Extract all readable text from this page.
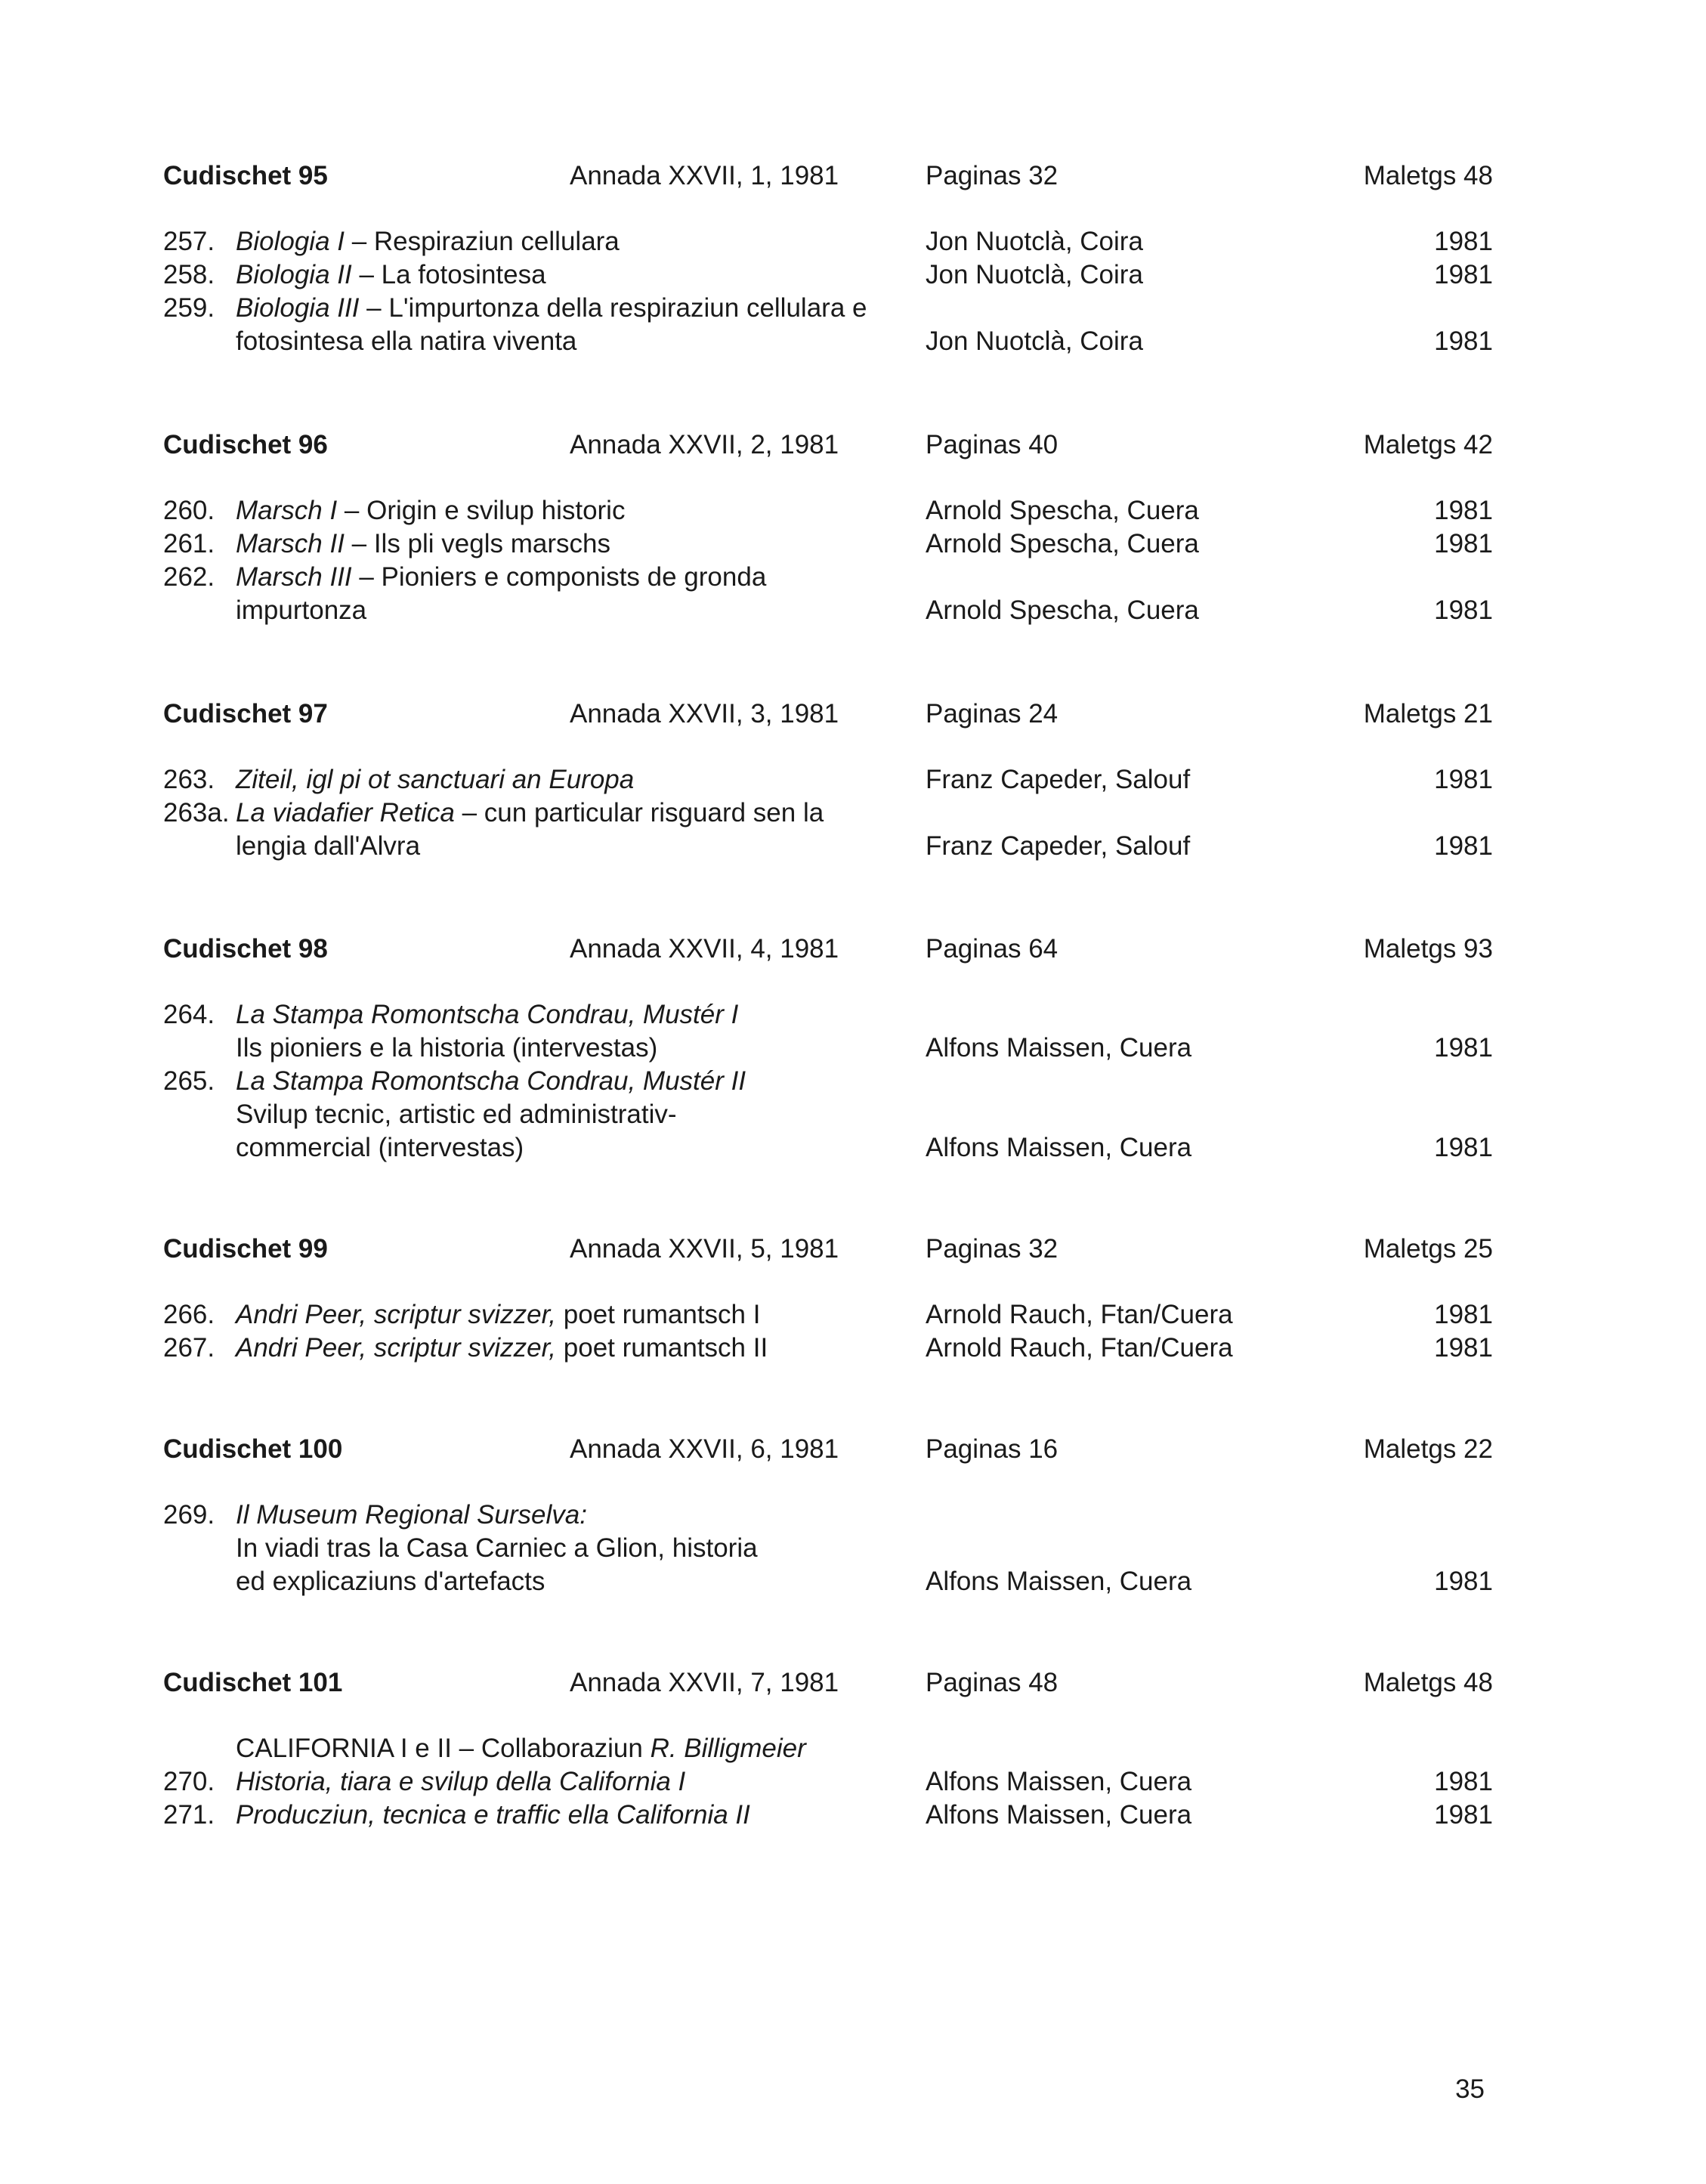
Cudischet 95	Annada XXVII, 1, 1981	Paginas 32	Maletgs 48
257. Biologia I – Respiraziun cellulara	Jon Nuotclà, Coira	1981
258. Biologia II – La fotosintesa	Jon Nuotclà, Coira	1981
259. Biologia III – L'impurtonza della respiraziun cellulara e fotosintesa ella natira viventa	Jon Nuotclà, Coira	1981
Cudischet 96	Annada XXVII, 2, 1981	Paginas 40	Maletgs 42
260. Marsch I – Origin e svilup historic	Arnold Spescha, Cuera	1981
261. Marsch II – Ils pli vegls marschs	Arnold Spescha, Cuera	1981
262. Marsch III – Pioniers e componists de gronda impurtonza	Arnold Spescha, Cuera	1981
Cudischet 97	Annada XXVII, 3, 1981	Paginas 24	Maletgs 21
263. Ziteil, igl pi ot sanctuari an Europa	Franz Capeder, Salouf	1981
263a. La viadafier Retica – cun particular risguard sen la lengia dall'Alvra	Franz Capeder, Salouf	1981
Cudischet 98	Annada XXVII, 4, 1981	Paginas 64	Maletgs 93
264. La Stampa Romontscha Condrau, Mustér I
Ils pioniers e la historia (intervestas)	Alfons Maissen, Cuera	1981
265. La Stampa Romontscha Condrau, Mustér II
Svilup tecnic, artistic ed administrativ-commercial (intervestas)	Alfons Maissen, Cuera	1981
Cudischet 99	Annada XXVII, 5, 1981	Paginas 32	Maletgs 25
266. Andri Peer, scriptur svizzer, poet rumantsch I	Arnold Rauch, Ftan/Cuera	1981
267. Andri Peer, scriptur svizzer, poet rumantsch II	Arnold Rauch, Ftan/Cuera	1981
Cudischet 100	Annada XXVII, 6, 1981	Paginas 16	Maletgs 22
269. Il Museum Regional Surselva:
In viadi tras la Casa Carniec a Glion, historia ed explicaziuns d'artefacts	Alfons Maissen, Cuera	1981
Cudischet 101	Annada XXVII, 7, 1981	Paginas 48	Maletgs 48
CALIFORNIA I e II – Collaboraziun R. Billigmeier
270. Historia, tiara e svilup della California I	Alfons Maissen, Cuera	1981
271. Producziun, tecnica e traffic ella California II	Alfons Maissen, Cuera	1981
35
